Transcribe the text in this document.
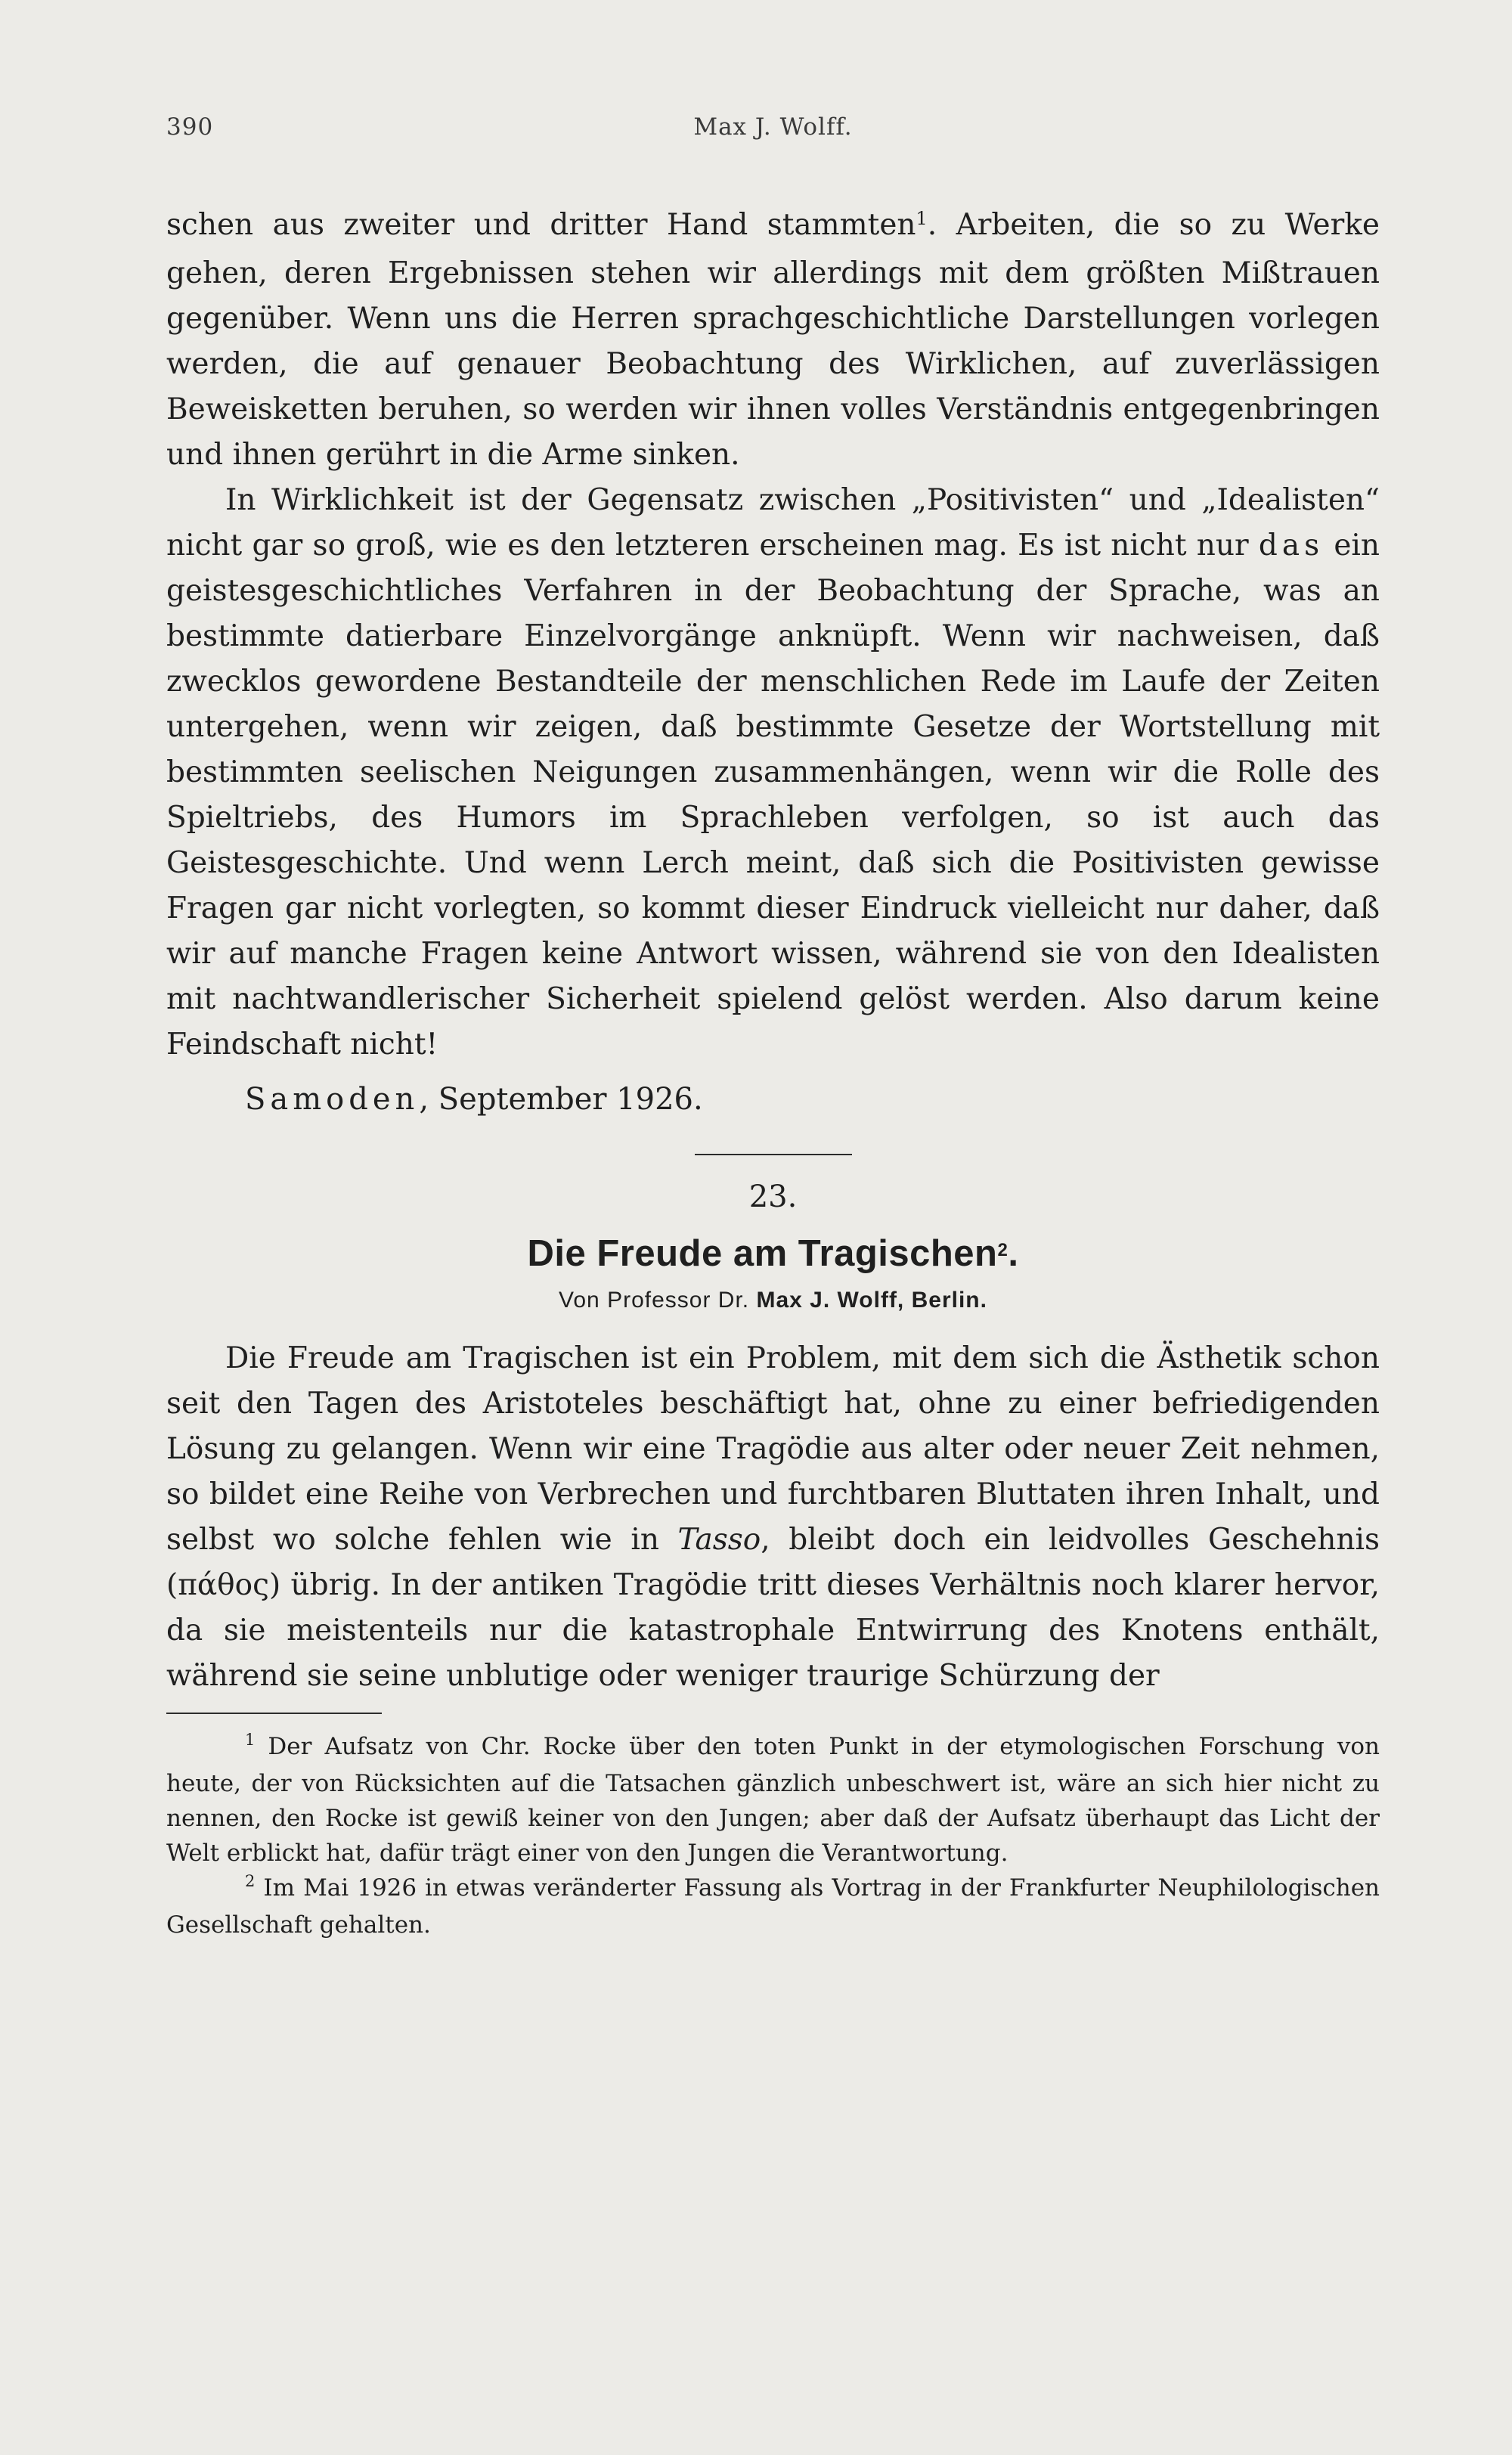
390	Max J. Wolff.

schen aus zweiter und dritter Hand stammten$^1$. Arbeiten, die so zu Werke gehen, deren Ergebnissen stehen wir allerdings mit dem größten Mißtrauen gegenüber. Wenn uns die Herren sprachgeschichtliche Darstellungen vorlegen werden, die auf genauer Beobachtung des Wirklichen, auf zuverlässigen Beweisketten beruhen, so werden wir ihnen volles Verständnis entgegenbringen und ihnen gerührt in die Arme sinken.

In Wirklichkeit ist der Gegensatz zwischen „Positivisten“ und „Idealisten“ nicht gar so groß, wie es den letzteren erscheinen mag. Es ist nicht nur das ein geistesgeschichtliches Verfahren in der Beobachtung der Sprache, was an bestimmte datierbare Einzelvorgänge anknüpft. Wenn wir nachweisen, daß zwecklos gewordene Bestandteile der menschlichen Rede im Laufe der Zeiten untergehen, wenn wir zeigen, daß bestimmte Gesetze der Wortstellung mit bestimmten seelischen Neigungen zusammenhängen, wenn wir die Rolle des Spieltriebs, des Humors im Sprachleben verfolgen, so ist auch das Geistesgeschichte. Und wenn Lerch meint, daß sich die Positivisten gewisse Fragen gar nicht vorlegten, so kommt dieser Eindruck vielleicht nur daher, daß wir auf manche Fragen keine Antwort wissen, während sie von den Idealisten mit nachtwandlerischer Sicherheit spielend gelöst werden. Also darum keine Feindschaft nicht!

Samoden, September 1926.
23.
Die Freude am Tragischen$^2$.
Von Professor Dr. Max J. Wolff, Berlin.

Die Freude am Tragischen ist ein Problem, mit dem sich die Ästhetik schon seit den Tagen des Aristoteles beschäftigt hat, ohne zu einer befriedigenden Lösung zu gelangen. Wenn wir eine Tragödie aus alter oder neuer Zeit nehmen, so bildet eine Reihe von Verbrechen und furchtbaren Bluttaten ihren Inhalt, und selbst wo solche fehlen wie in Tasso, bleibt doch ein leidvolles Geschehnis (πάθος) übrig. In der antiken Tragödie tritt dieses Verhältnis noch klarer hervor, da sie meistenteils nur die katastrophale Entwirrung des Knotens enthält, während sie seine unblutige oder weniger traurige Schürzung der

$^1$ Der Aufsatz von Chr. Rocke über den toten Punkt in der etymologischen Forschung von heute, der von Rücksichten auf die Tatsachen gänzlich unbeschwert ist, wäre an sich hier nicht zu nennen, den Rocke ist gewiß keiner von den Jungen; aber daß der Aufsatz überhaupt das Licht der Welt erblickt hat, dafür trägt einer von den Jungen die Verantwortung.

$^2$ Im Mai 1926 in etwas veränderter Fassung als Vortrag in der Frankfurter Neuphilologischen Gesellschaft gehalten.
